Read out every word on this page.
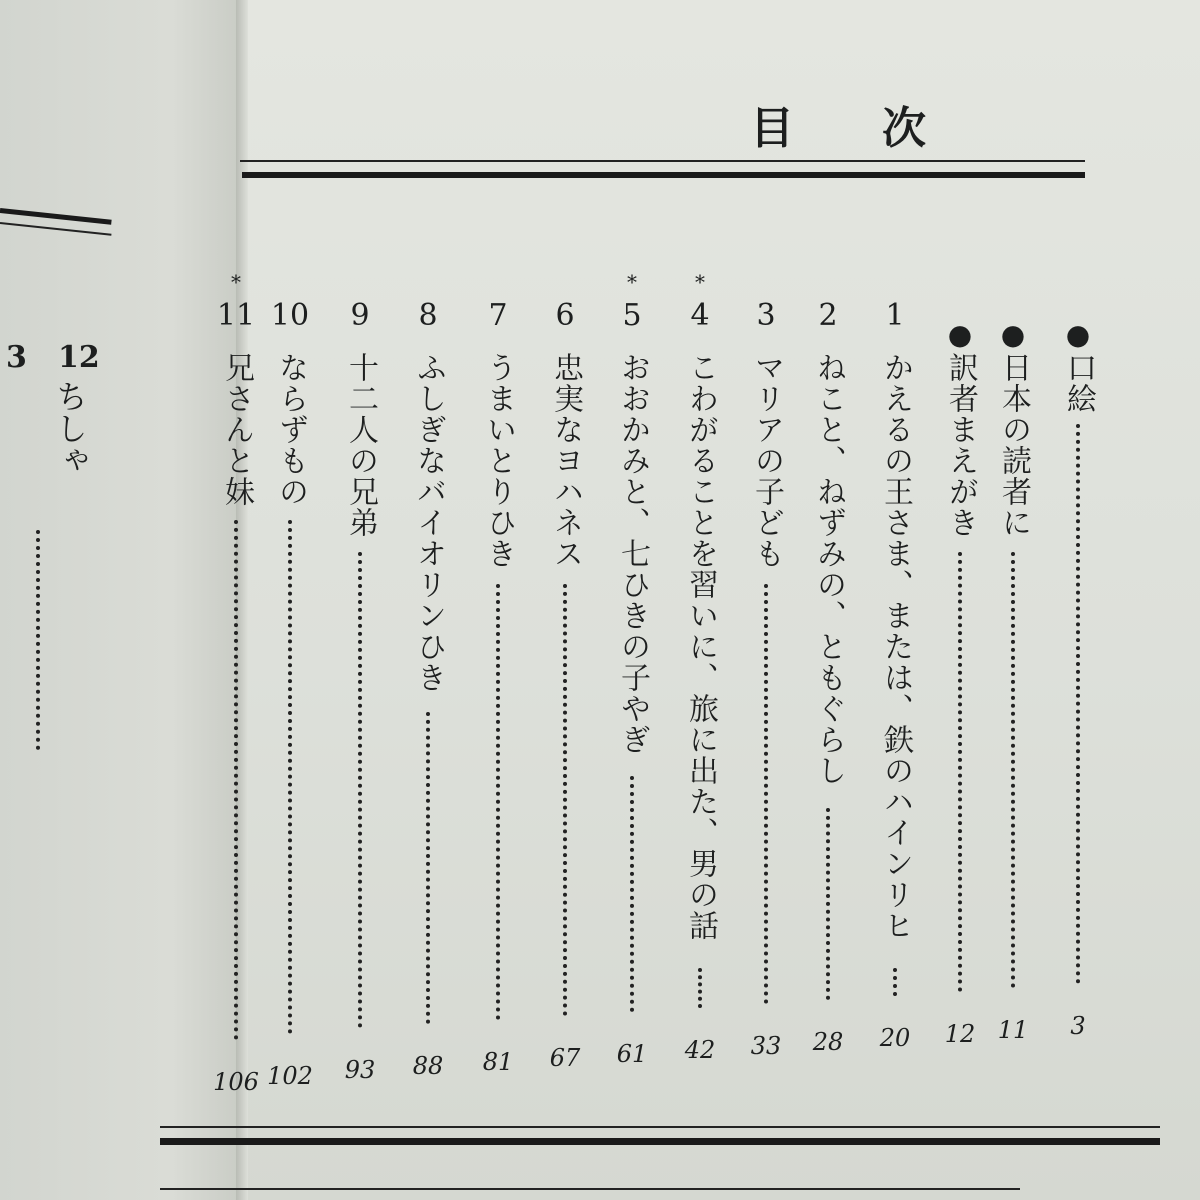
12
3
ちしゃ
目　　次
●
口絵
3
●
日本の読者に
11
●
訳者まえがき
12
1
かえるの王さま、または、鉄のハインリヒ
20
2
ねこと、ねずみの、ともぐらし
28
3
マリアの子ども
33
*
4
こわがることを習いに、旅に出た、男の話
42
*
5
おおかみと、七ひきの子やぎ
61
6
忠実なヨハネス
67
7
うまいとりひき
81
8
ふしぎなバイオリンひき
88
9
十二人の兄弟
93
10
ならずもの
102
*
11
兄さんと妹
106
